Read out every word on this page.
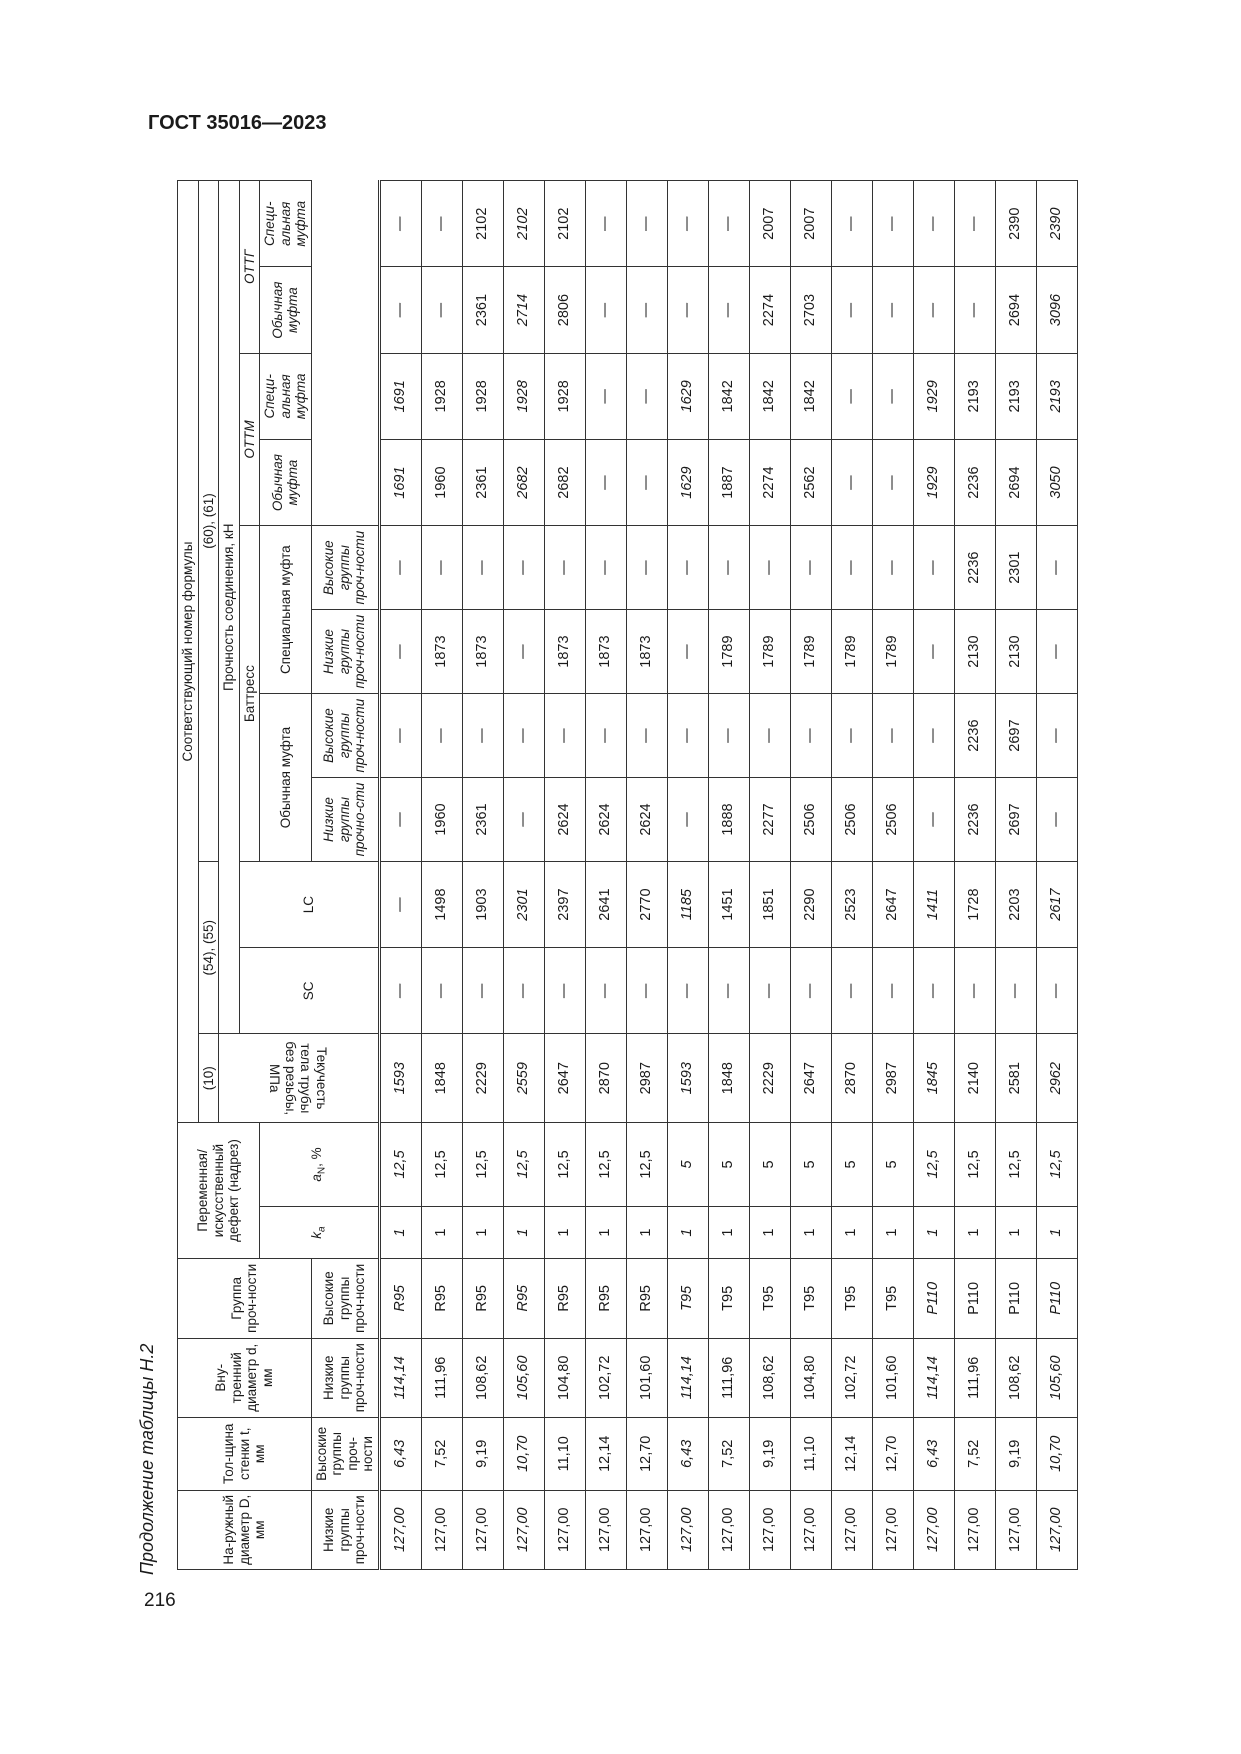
ГОСТ 35016—2023
216
Продолжение таблицы Н.2	На-ружный диаметр D, мм	Тол-щина стенки t, мм	Вну-тренний диаметр d, мм	Группа проч-ности	Переменная/ искусственный дефект (надрез)		Соответствующий номер формулы										
						(10)	(54), (55)		(60), (61)							
						Текучесть тела трубы без резьбы, МПа	Прочность соединения, кН									
							SC	LC	Баттресс				ОТТМ		ОТТГ	
				$k_a$	$a_N$, %				Обычная муфта		Специальная муфта		Обычная муфта	Специ-альная муфта	Обычная муфта	Специ-альная муфта
Низкие группы проч-ности	Высокие группы проч-ности	Низкие группы проч-ности	Высокие группы проч-ности						Низкие группы прочно-сти	Высокие группы проч-ности	Низкие группы проч-ности	Высокие группы проч-ности				
127,00	6,43	114,14	R95	1	12,5	1593	—	—	—	—	—	—	1691	1691	—	—
127,00	7,52	111,96	R95	1	12,5	1848	—	1498	1960	—	1873	—	1960	1928	—	—
127,00	9,19	108,62	R95	1	12,5	2229	—	1903	2361	—	1873	—	2361	1928	2361	2102
127,00	10,70	105,60	R95	1	12,5	2559	—	2301	—	—	—	—	2682	1928	2714	2102
127,00	11,10	104,80	R95	1	12,5	2647	—	2397	2624	—	1873	—	2682	1928	2806	2102
127,00	12,14	102,72	R95	1	12,5	2870	—	2641	2624	—	1873	—	—	—	—	—
127,00	12,70	101,60	R95	1	12,5	2987	—	2770	2624	—	1873	—	—	—	—	—
127,00	6,43	114,14	T95	1	5	1593	—	1185	—	—	—	—	1629	1629	—	—
127,00	7,52	111,96	T95	1	5	1848	—	1451	1888	—	1789	—	1887	1842	—	—
127,00	9,19	108,62	T95	1	5	2229	—	1851	2277	—	1789	—	2274	1842	2274	2007
127,00	11,10	104,80	T95	1	5	2647	—	2290	2506	—	1789	—	2562	1842	2703	2007
127,00	12,14	102,72	T95	1	5	2870	—	2523	2506	—	1789	—	—	—	—	—
127,00	12,70	101,60	T95	1	5	2987	—	2647	2506	—	1789	—	—	—	—	—
127,00	6,43	114,14	P110	1	12,5	1845	—	1411	—	—	—	—	1929	1929	—	—
127,00	7,52	111,96	P110	1	12,5	2140	—	1728	2236	2236	2130	2236	2236	2193	—	—
127,00	9,19	108,62	P110	1	12,5	2581	—	2203	2697	2697	2130	2301	2694	2193	2694	2390
127,00	10,70	105,60	P110	1	12,5	2962	—	2617	—	—	—	—	3050	2193	3096	2390
